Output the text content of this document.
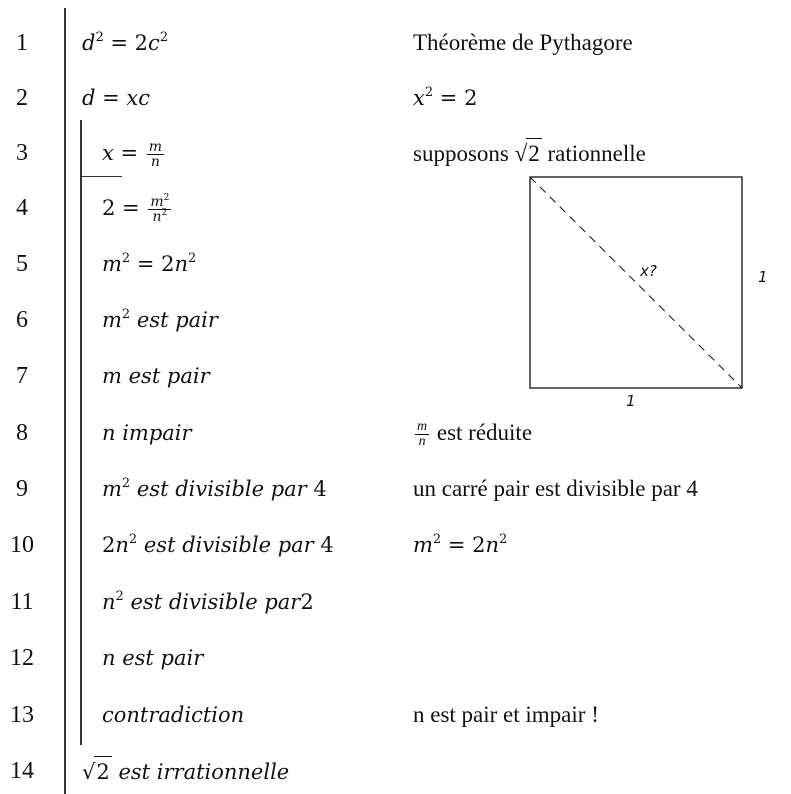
1
2
3
4
5
6
7
8
9
10
11
12
13
14
$d^2 = 2c^2$
d = xc
$x = \frac{m}{n}$
$2 = \frac{m^2}{n^2}$
$m^2 = 2n^2$
$m^2$ est pair
m est pair
n impair
$m^2$ est divisible par 4
$2n^2$ est divisible par 4
$n^2$ est divisible par2
n est pair
contradiction
√ 2 est irrationnelle
Théorème de Pythagore
$x^2 = 2$
supposons √ 2 rationnelle
$\frac{m}{n}$ est réduite
un carré pair est divisible par 4
$m^2 = 2n^2$
n est pair et impair !
x?	1
1
